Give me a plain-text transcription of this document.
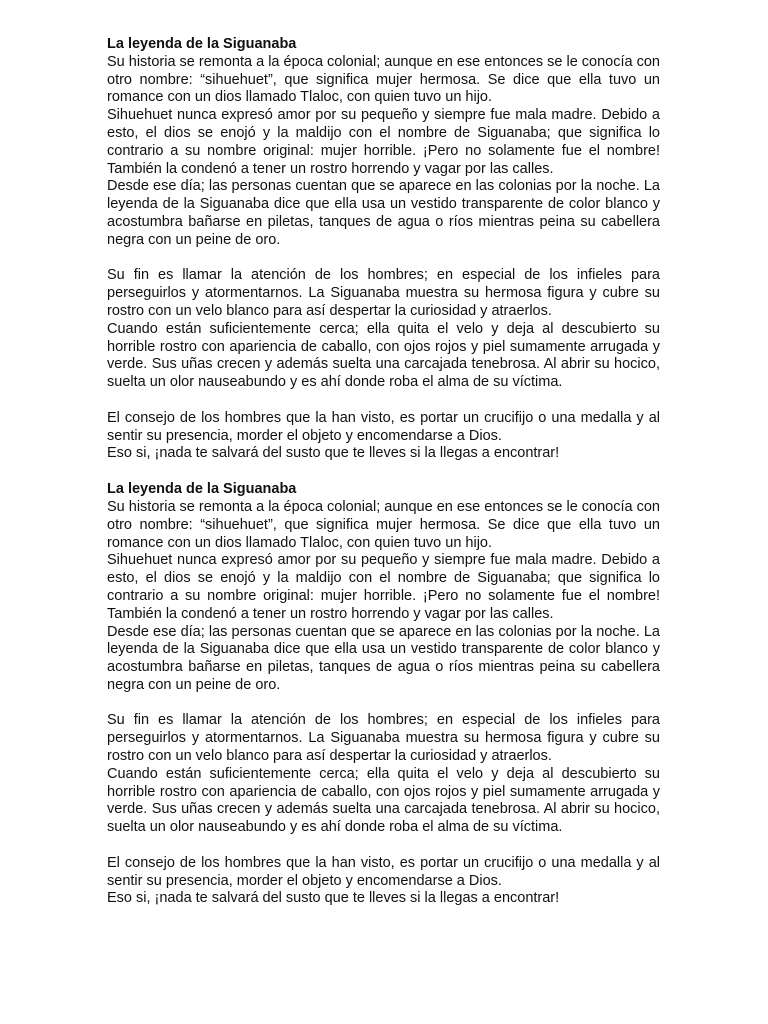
La leyenda de la Siguanaba

Su historia se remonta a la época colonial; aunque en ese entonces se le conocía con otro nombre: “sihuehuet”, que significa mujer hermosa. Se dice que ella tuvo un romance con un dios llamado Tlaloc, con quien tuvo un hijo.

Sihuehuet nunca expresó amor por su pequeño y siempre fue mala madre. Debido a esto, el dios se enojó y la maldijo con el nombre de Siguanaba; que significa lo contrario a su nombre original: mujer horrible. ¡Pero no solamente fue el nombre! También la condenó a tener un rostro horrendo y vagar por las calles.

Desde ese día; las personas cuentan que se aparece en las colonias por la noche. La leyenda de la Siguanaba dice que ella usa un vestido transparente de color blanco y acostumbra bañarse en piletas, tanques de agua o ríos mientras peina su cabellera negra con un peine de oro.

Su fin es llamar la atención de los hombres; en especial de los infieles para perseguirlos y atormentarnos. La Siguanaba muestra su hermosa figura y cubre su rostro con un velo blanco para así despertar la curiosidad y atraerlos.

Cuando están suficientemente cerca; ella quita el velo y deja al descubierto su horrible rostro con apariencia de caballo, con ojos rojos y piel sumamente arrugada y verde. Sus uñas crecen y además suelta una carcajada tenebrosa. Al abrir su hocico, suelta un olor nauseabundo y es ahí donde roba el alma de su víctima.

El consejo de los hombres que la han visto, es portar un crucifijo o una medalla y al sentir su presencia, morder el objeto y encomendarse a Dios.

Eso si, ¡nada te salvará del susto que te lleves si la llegas a encontrar!

La leyenda de la Siguanaba

Su historia se remonta a la época colonial; aunque en ese entonces se le conocía con otro nombre: “sihuehuet”, que significa mujer hermosa. Se dice que ella tuvo un romance con un dios llamado Tlaloc, con quien tuvo un hijo.

Sihuehuet nunca expresó amor por su pequeño y siempre fue mala madre. Debido a esto, el dios se enojó y la maldijo con el nombre de Siguanaba; que significa lo contrario a su nombre original: mujer horrible. ¡Pero no solamente fue el nombre! También la condenó a tener un rostro horrendo y vagar por las calles.

Desde ese día; las personas cuentan que se aparece en las colonias por la noche. La leyenda de la Siguanaba dice que ella usa un vestido transparente de color blanco y acostumbra bañarse en piletas, tanques de agua o ríos mientras peina su cabellera negra con un peine de oro.

Su fin es llamar la atención de los hombres; en especial de los infieles para perseguirlos y atormentarnos. La Siguanaba muestra su hermosa figura y cubre su rostro con un velo blanco para así despertar la curiosidad y atraerlos.

Cuando están suficientemente cerca; ella quita el velo y deja al descubierto su horrible rostro con apariencia de caballo, con ojos rojos y piel sumamente arrugada y verde. Sus uñas crecen y además suelta una carcajada tenebrosa. Al abrir su hocico, suelta un olor nauseabundo y es ahí donde roba el alma de su víctima.

El consejo de los hombres que la han visto, es portar un crucifijo o una medalla y al sentir su presencia, morder el objeto y encomendarse a Dios.

Eso si, ¡nada te salvará del susto que te lleves si la llegas a encontrar!
